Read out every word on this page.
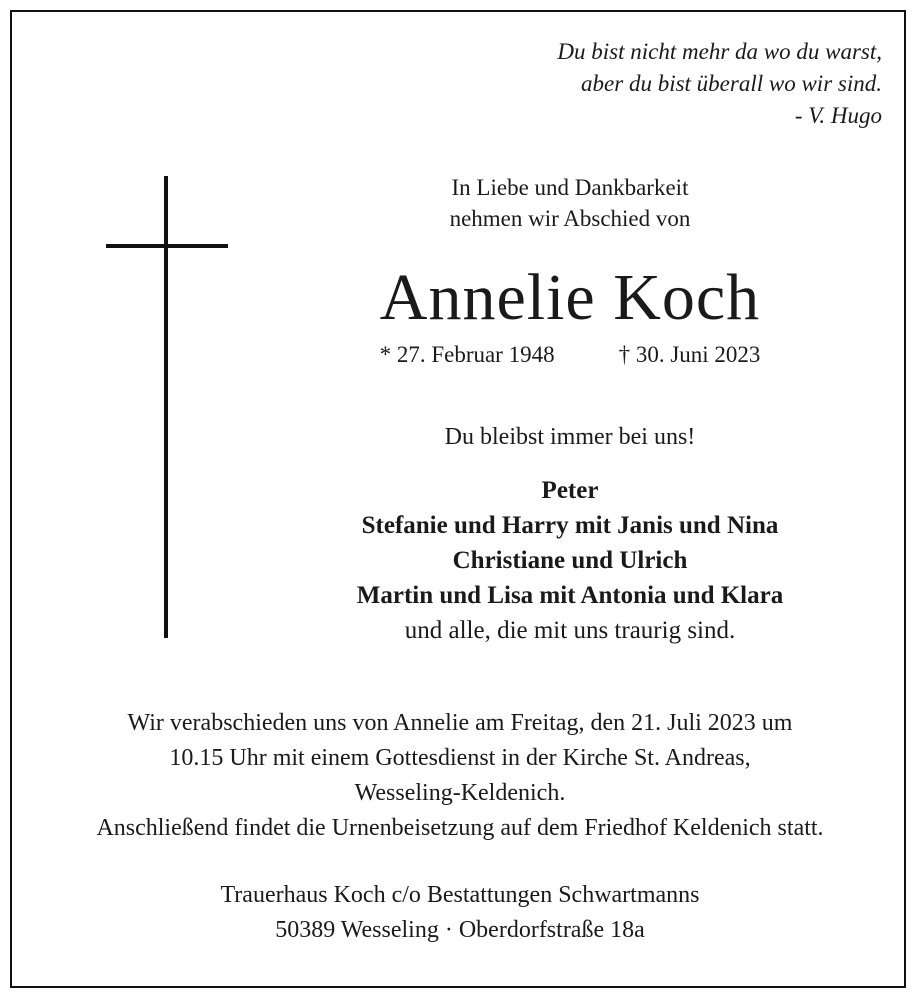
Du bist nicht mehr da wo du warst,
aber du bist überall wo wir sind.
- V. Hugo
In Liebe und Dankbarkeit
nehmen wir Abschied von
Annelie Koch
* 27. Februar 1948	† 30. Juni 2023
Du bleibst immer bei uns!
Peter
Stefanie und Harry mit Janis und Nina
Christiane und Ulrich
Martin und Lisa mit Antonia und Klara
und alle, die mit uns traurig sind.
Wir verabschieden uns von Annelie am Freitag, den 21. Juli 2023 um
10.15 Uhr mit einem Gottesdienst in der Kirche St. Andreas,
Wesseling-Keldenich.
Anschließend findet die Urnenbeisetzung auf dem Friedhof Keldenich statt.
Trauerhaus Koch c/o Bestattungen Schwartmanns
50389 Wesseling · Oberdorfstraße 18a
